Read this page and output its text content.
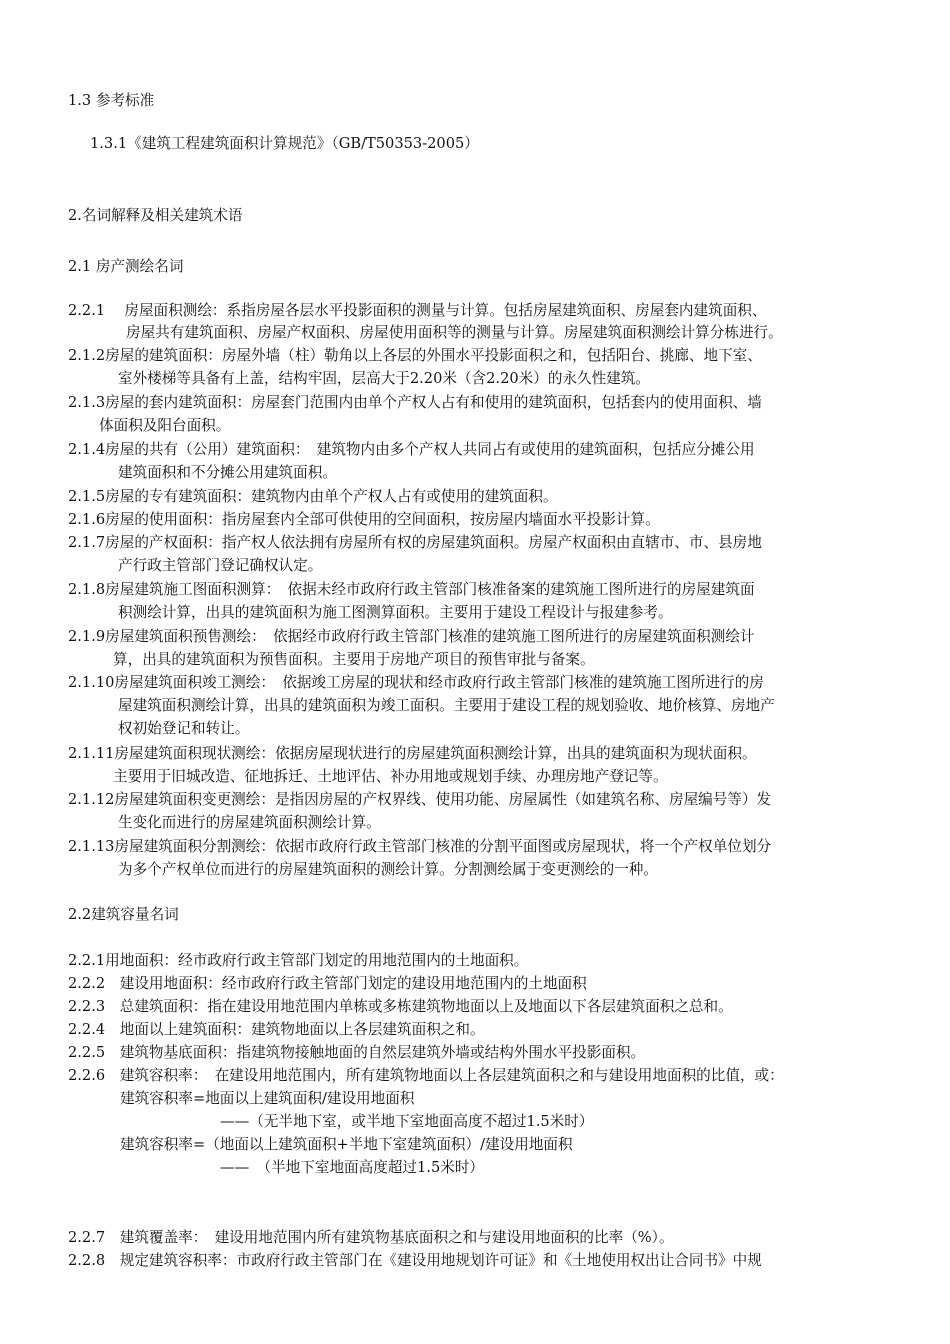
1.3 参考标准
1.3.1《建筑工程建筑面积计算规范》（GB/T50353-2005）
2.名词解释及相关建筑术语
2.1 房产测绘名词
2.2.1　 房屋面积测绘：系指房屋各层水平投影面积的测量与计算。包括房屋建筑面积、房屋套内建筑面积、
房屋共有建筑面积、房屋产权面积、房屋使用面积等的测量与计算。房屋建筑面积测绘计算分栋进行。
2.1.2房屋的建筑面积：房屋外墙（柱）勒角以上各层的外围水平投影面积之和，包括阳台、挑廊、地下室、
室外楼梯等具备有上盖，结构牢固，层高大于2.20米（含2.20米）的永久性建筑。
2.1.3房屋的套内建筑面积：房屋套门范围内由单个产权人占有和使用的建筑面积，包括套内的使用面积、墙
体面积及阳台面积。
2.1.4房屋的共有（公用）建筑面积：　建筑物内由多个产权人共同占有或使用的建筑面积，包括应分摊公用
建筑面积和不分摊公用建筑面积。
2.1.5房屋的专有建筑面积：建筑物内由单个产权人占有或使用的建筑面积。
2.1.6房屋的使用面积：指房屋套内全部可供使用的空间面积，按房屋内墙面水平投影计算。
2.1.7房屋的产权面积：指产权人依法拥有房屋所有权的房屋建筑面积。房屋产权面积由直辖市、市、县房地
产行政主管部门登记确权认定。
2.1.8房屋建筑施工图面积测算：　依据未经市政府行政主管部门核准备案的建筑施工图所进行的房屋建筑面
积测绘计算，出具的建筑面积为施工图测算面积。主要用于建设工程设计与报建参考。
2.1.9房屋建筑面积预售测绘：　依据经市政府行政主管部门核准的建筑施工图所进行的房屋建筑面积测绘计
算，出具的建筑面积为预售面积。主要用于房地产项目的预售审批与备案。
2.1.10房屋建筑面积竣工测绘：　依据竣工房屋的现状和经市政府行政主管部门核准的建筑施工图所进行的房
屋建筑面积测绘计算，出具的建筑面积为竣工面积。主要用于建设工程的规划验收、地价核算、房地产
权初始登记和转让。
2.1.11房屋建筑面积现状测绘：依据房屋现状进行的房屋建筑面积测绘计算，出具的建筑面积为现状面积。
主要用于旧城改造、征地拆迁、土地评估、补办用地或规划手续、办理房地产登记等。
2.1.12房屋建筑面积变更测绘：是指因房屋的产权界线、使用功能、房屋属性（如建筑名称、房屋编号等）发
生变化而进行的房屋建筑面积测绘计算。
2.1.13房屋建筑面积分割测绘：依据市政府行政主管部门核准的分割平面图或房屋现状，将一个产权单位划分
为多个产权单位而进行的房屋建筑面积的测绘计算。分割测绘属于变更测绘的一种。
2.2建筑容量名词
2.2.1用地面积：经市政府行政主管部门划定的用地范围内的土地面积。
2.2.2　建设用地面积：经市政府行政主管部门划定的建设用地范围内的土地面积
2.2.3　总建筑面积：指在建设用地范围内单栋或多栋建筑物地面以上及地面以下各层建筑面积之总和。
2.2.4　地面以上建筑面积：建筑物地面以上各层建筑面积之和。
2.2.5　建筑物基底面积：指建筑物接触地面的自然层建筑外墙或结构外围水平投影面积。
2.2.6　建筑容积率：　在建设用地范围内，所有建筑物地面以上各层建筑面积之和与建设用地面积的比值，或：
建筑容积率=地面以上建筑面积/建设用地面积
——（无半地下室，或半地下室地面高度不超过1.5米时）
建筑容积率=（地面以上建筑面积+半地下室建筑面积）/建设用地面积
——　（半地下室地面高度超过1.5米时）
2.2.7　建筑覆盖率：　建设用地范围内所有建筑物基底面积之和与建设用地面积的比率（%）。
2.2.8　规定建筑容积率：市政府行政主管部门在《建设用地规划许可证》和《土地使用权出让合同书》中规
